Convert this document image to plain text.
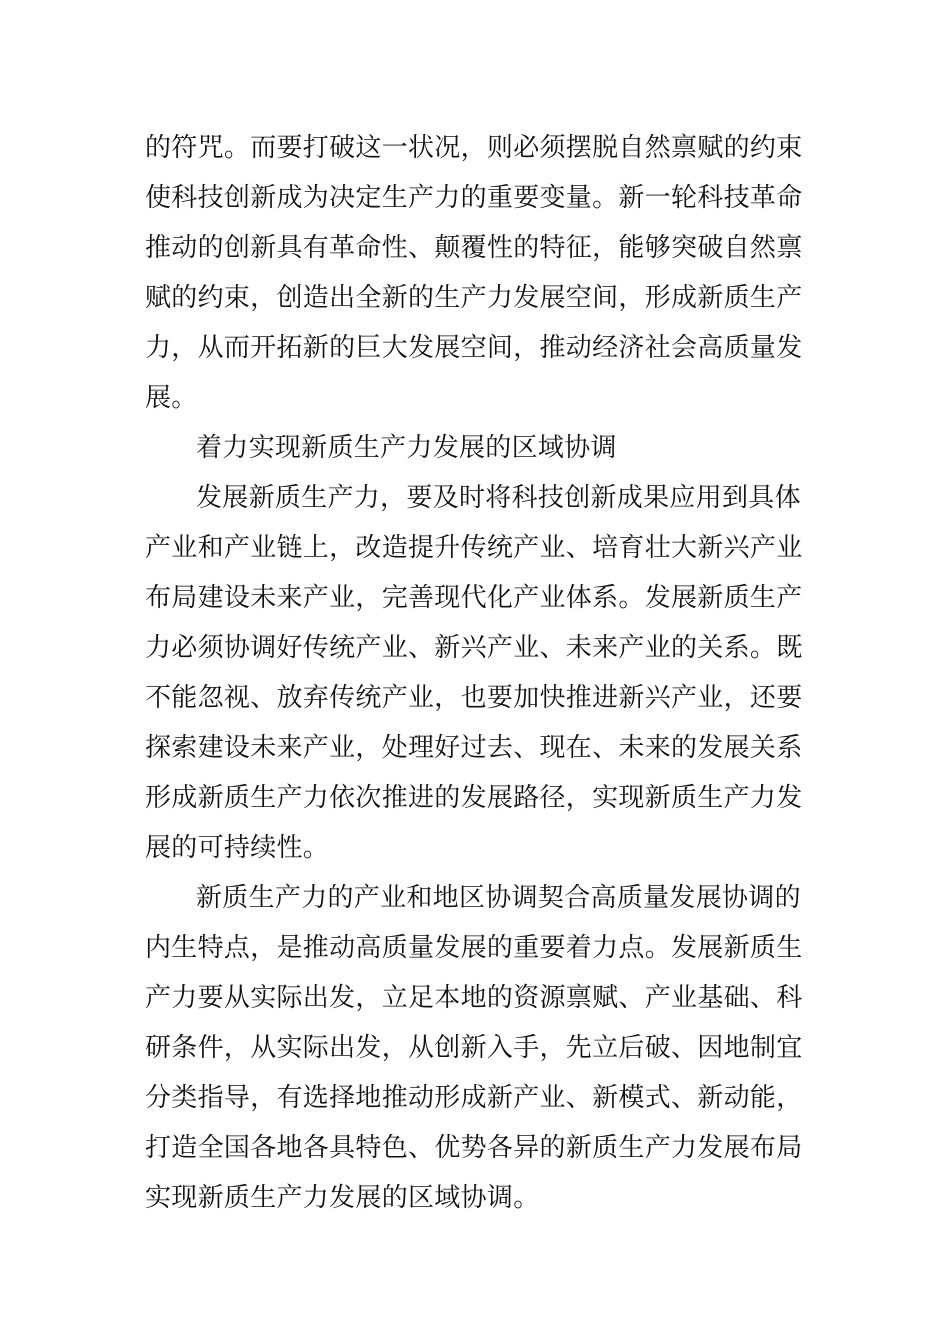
的符咒。而要打破这一状况，则必须摆脱自然禀赋的约束
使科技创新成为决定生产力的重要变量。新一轮科技革命
推动的创新具有革命性、颠覆性的特征，能够突破自然禀
赋的约束，创造出全新的生产力发展空间，形成新质生产
力，从而开拓新的巨大发展空间，推动经济社会高质量发
展。
着力实现新质生产力发展的区域协调
发展新质生产力，要及时将科技创新成果应用到具体
产业和产业链上，改造提升传统产业、培育壮大新兴产业
布局建设未来产业，完善现代化产业体系。发展新质生产
力必须协调好传统产业、新兴产业、未来产业的关系。既
不能忽视、放弃传统产业，也要加快推进新兴产业，还要
探索建设未来产业，处理好过去、现在、未来的发展关系
形成新质生产力依次推进的发展路径，实现新质生产力发
展的可持续性。
新质生产力的产业和地区协调契合高质量发展协调的
内生特点，是推动高质量发展的重要着力点。发展新质生
产力要从实际出发，立足本地的资源禀赋、产业基础、科
研条件，从实际出发，从创新入手，先立后破、因地制宜
分类指导，有选择地推动形成新产业、新模式、新动能，
打造全国各地各具特色、优势各异的新质生产力发展布局
实现新质生产力发展的区域协调。
